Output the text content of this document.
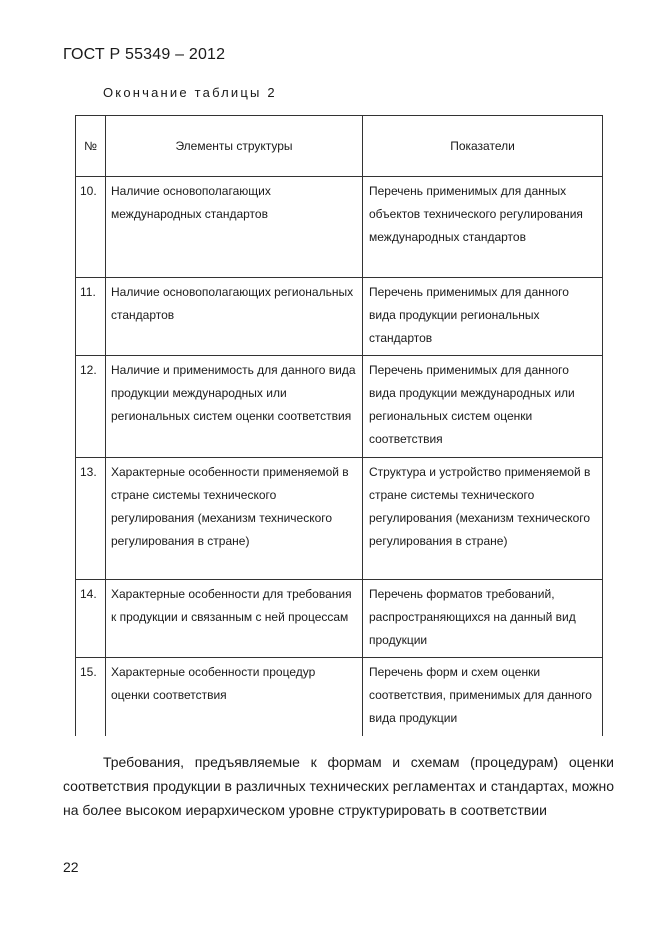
ГОСТ Р 55349 – 2012
Окончание таблицы 2
№	Элементы структуры	Показатели
10.	Наличие основополагающих международных стандартов	Перечень применимых для данных объектов технического регулирования международных стандартов
11.	Наличие основополагающих региональных стандартов	Перечень применимых для данного вида продукции региональных стандартов
12.	Наличие и применимость для данного вида продукции международных или региональных систем оценки соответствия	Перечень применимых для данного вида продукции международных или региональных систем оценки соответствия
13.	Характерные особенности применяемой в стране системы технического регулирования (механизм технического регулирования в стране)	Структура и устройство применяемой в стране системы технического регулирования (механизм технического регулирования в стране)
14.	Характерные особенности для требования к продукции и связанным с ней процессам	Перечень форматов требований, распространяющихся на данный вид продукции
15.	Характерные особенности процедур оценки соответствия	Перечень форм и схем оценки соответствия, применимых для данного вида продукции

Требования, предъявляемые к формам и схемам (процедурам) оценки соответствия продукции в различных технических регламентах и стандартах, можно на более высоком иерархическом уровне структурировать в соответствии

22
